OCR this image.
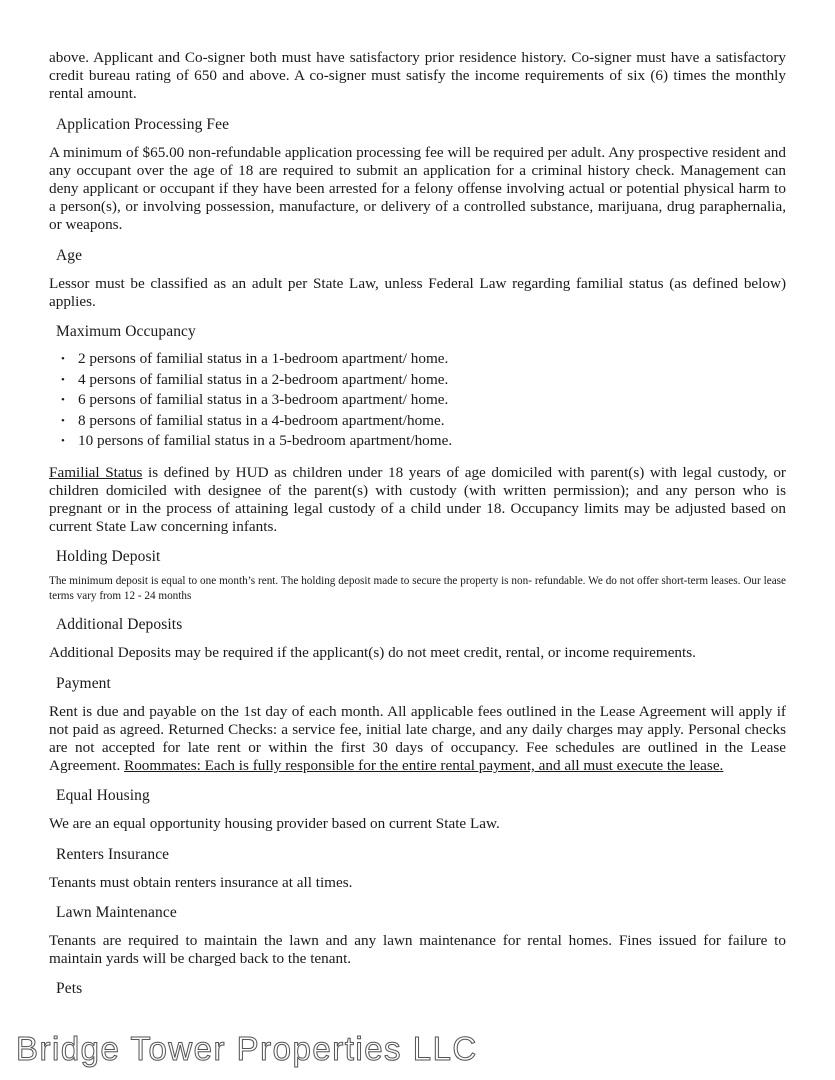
above. Applicant and Co-signer both must have satisfactory prior residence history. Co-signer must have a satisfactory credit bureau rating of 650 and above. A co-signer must satisfy the income requirements of six (6) times the monthly rental amount.

Application Processing Fee

A minimum of $65.00 non-refundable application processing fee will be required per adult. Any prospective resident and any occupant over the age of 18 are required to submit an application for a criminal history check. Management can deny applicant or occupant if they have been arrested for a felony offense involving actual or potential physical harm to a person(s), or involving possession, manufacture, or delivery of a controlled substance, marijuana, drug paraphernalia, or weapons.

Age

Lessor must be classified as an adult per State Law, unless Federal Law regarding familial status (as defined below) applies.

Maximum Occupancy
• 2 persons of familial status in a 1-bedroom apartment/ home.
• 4 persons of familial status in a 2-bedroom apartment/ home.
• 6 persons of familial status in a 3-bedroom apartment/ home.
• 8 persons of familial status in a 4-bedroom apartment/home.
• 10 persons of familial status in a 5-bedroom apartment/home.

Familial Status is defined by HUD as children under 18 years of age domiciled with parent(s) with legal custody, or children domiciled with designee of the parent(s) with custody (with written permission); and any person who is pregnant or in the process of attaining legal custody of a child under 18. Occupancy limits may be adjusted based on current State Law concerning infants.

Holding Deposit

The minimum deposit is equal to one month’s rent. The holding deposit made to secure the property is non- refundable. We do not offer short-term leases. Our lease terms vary from 12 - 24 months

Additional Deposits

Additional Deposits may be required if the applicant(s) do not meet credit, rental, or income requirements.

Payment

Rent is due and payable on the 1st day of each month. All applicable fees outlined in the Lease Agreement will apply if not paid as agreed. Returned Checks: a service fee, initial late charge, and any daily charges may apply. Personal checks are not accepted for late rent or within the first 30 days of occupancy. Fee schedules are outlined in the Lease Agreement. Roommates: Each is fully responsible for the entire rental payment, and all must execute the lease.

Equal Housing

We are an equal opportunity housing provider based on current State Law.

Renters Insurance

Tenants must obtain renters insurance at all times.

Lawn Maintenance

Tenants are required to maintain the lawn and any lawn maintenance for rental homes. Fines issued for failure to maintain yards will be charged back to the tenant.

Pets
Bridge Tower Properties LLC
